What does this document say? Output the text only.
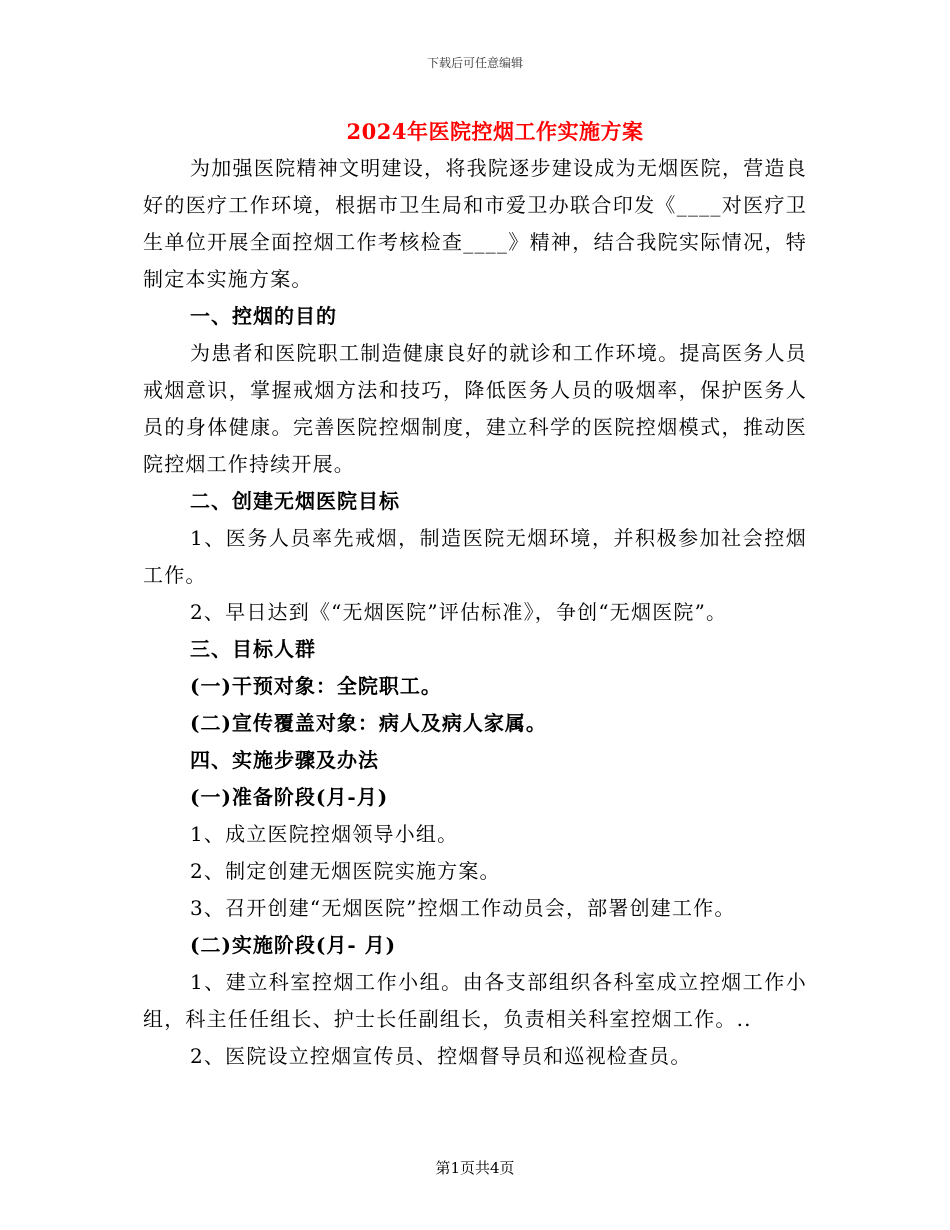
下载后可任意编辑
2024年医院控烟工作实施方案

为加强医院精神文明建设，将我院逐步建设成为无烟医院，营造良好的医疗工作环境，根据市卫生局和市爱卫办联合印发《____对医疗卫生单位开展全面控烟工作考核检查____》精神，结合我院实际情况，特制定本实施方案。

一、控烟的目的

为患者和医院职工制造健康良好的就诊和工作环境。提高医务人员戒烟意识，掌握戒烟方法和技巧，降低医务人员的吸烟率，保护医务人员的身体健康。完善医院控烟制度，建立科学的医院控烟模式，推动医院控烟工作持续开展。

二、创建无烟医院目标

1、医务人员率先戒烟，制造医院无烟环境，并积极参加社会控烟工作。

2、早日达到《“无烟医院”评估标准》，争创“无烟医院”。

三、目标人群

(一)干预对象：全院职工。

(二)宣传覆盖对象：病人及病人家属。

四、实施步骤及办法

(一)准备阶段(月-月)

1、成立医院控烟领导小组。

2、制定创建无烟医院实施方案。

3、召开创建“无烟医院”控烟工作动员会，部署创建工作。

(二)实施阶段(月- 月)

1、建立科室控烟工作小组。由各支部组织各科室成立控烟工作小组，科主任任组长、护士长任副组长，负责相关科室控烟工作。..

2、医院设立控烟宣传员、控烟督导员和巡视检查员。

第1页共4页
